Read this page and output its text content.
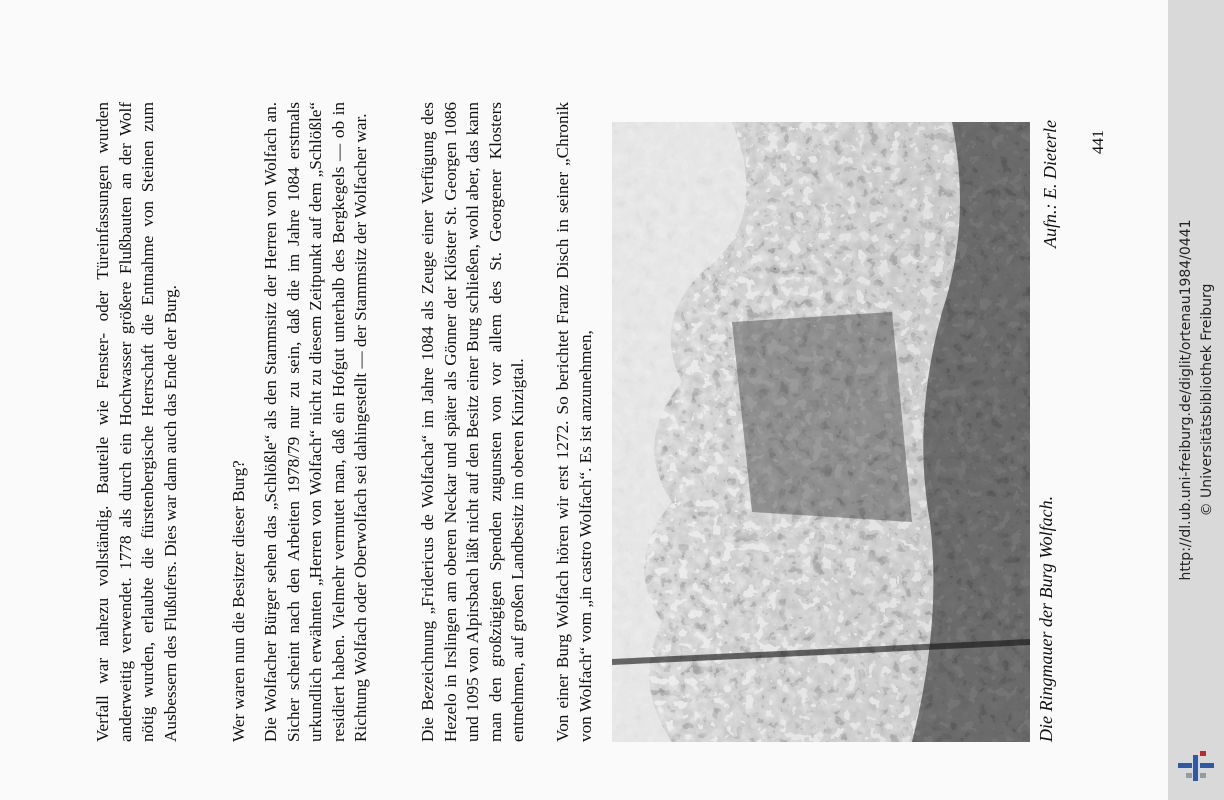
Verfall war nahezu vollständig. Bauteile wie Fenster- oder Türeinfassungen wurden anderweitig verwendet. 1778 als durch ein Hochwasser größere Flußbauten an der Wolf nötig wurden, erlaubte die fürstenbergische Herrschaft die Entnahme von Steinen zum Ausbessern des Flußufers. Dies war dann auch das Ende der Burg.	Wer waren nun die Besitzer dieser Burg? Die Wolfacher Bürger sehen das „Schlößle“ als den Stammsitz der Herren von Wolfach an. Sicher scheint nach den Arbeiten 1978/79 nur zu sein, daß die im Jahre 1084 erstmals urkundlich erwähnten „Herren von Wolfach“ nicht zu diesem Zeitpunkt auf dem „Schlößle“ residiert haben. Vielmehr vermutet man, daß ein Hofgut unterhalb des Bergkegels — ob in Richtung Wolfach oder Oberwolfach sei dahingestellt — der Stammsitz der Wolfacher war.	Die Bezeichnung „Fridericus de Wolfacha“ im Jahre 1084 als Zeuge einer Verfügung des Hezelo in Irslingen am oberen Neckar und später als Gönner der Klöster St. Georgen 1086 und 1095 von Alpirsbach läßt nicht auf den Besitz einer Burg schließen, wohl aber, das kann man den großzügigen Spenden zugunsten von vor allem des St. Georgener Klosters entnehmen, auf großen Landbesitz im oberen Kinzigtal. Von einer Burg Wolfach hören wir erst 1272. So berichtet Franz Disch in seiner „Chronik von Wolfach“ vom „in castro Wolfach“. Es ist anzunehmen,	Die Ringmauer der Burg Wolfach.
Aufn.: E. Dieterle 441
http://dl.ub.uni-freiburg.de/diglit/ortenau1984/0441 © Universitätsbibliothek Freiburg
